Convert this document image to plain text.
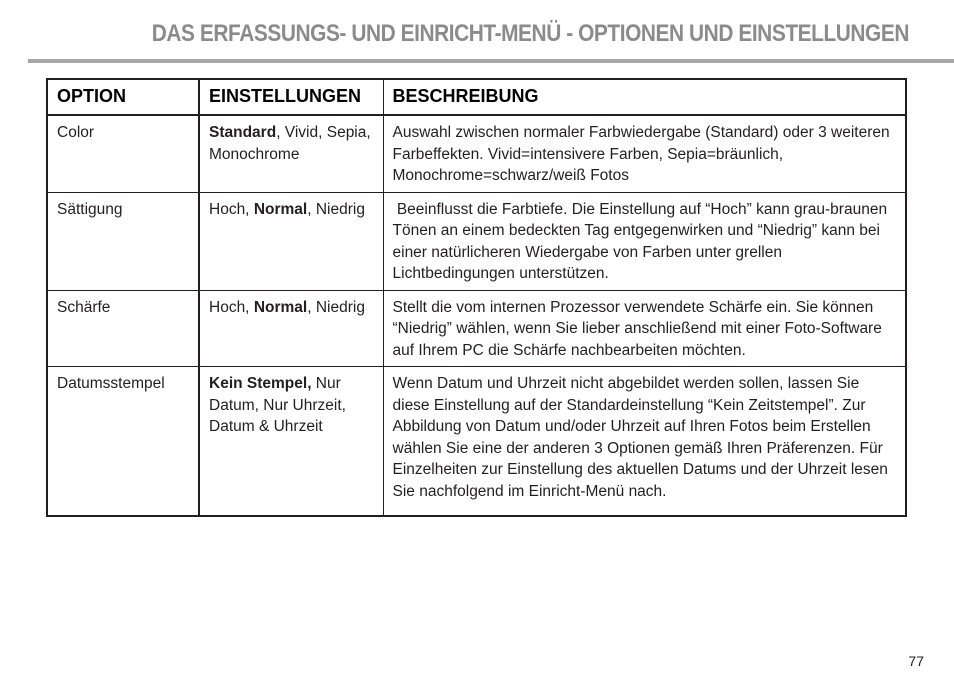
DAS ERFASSUNGS- UND EINRICHT-MENÜ - OPTIONEN UND EINSTELLUNGEN
OPTION	EINSTELLUNGEN	BESCHREIBUNG
Color	Standard, Vivid, Sepia, Monochrome	Auswahl zwischen normaler Farbwiedergabe (Standard) oder 3 weiteren Farbeffekten. Vivid=intensivere Farben, Sepia=bräunlich, Monochrome=schwarz/weiß Fotos
Sättigung	Hoch, Normal, Niedrig	Beeinflusst die Farbtiefe. Die Einstellung auf “Hoch” kann grau-braunen Tönen an einem bedeckten Tag entgegenwirken und “Niedrig” kann bei einer natürlicheren Wiedergabe von Farben unter grellen Lichtbedingungen unterstützen.
Schärfe	Hoch, Normal, Niedrig	Stellt die vom internen Prozessor verwendete Schärfe ein. Sie können “Niedrig” wählen, wenn Sie lieber anschließend mit einer Foto-Software auf Ihrem PC die Schärfe nachbearbeiten möchten.
Datumsstempel	Kein Stempel, Nur Datum, Nur Uhrzeit, Datum & Uhrzeit	Wenn Datum und Uhrzeit nicht abgebildet werden sollen, lassen Sie diese Einstellung auf der Standardeinstellung “Kein Zeitstempel”. Zur Abbildung von Datum und/oder Uhrzeit auf Ihren Fotos beim Erstellen wählen Sie eine der anderen 3 Optionen gemäß Ihren Präferenzen. Für Einzelheiten zur Einstellung des aktuellen Datums und der Uhrzeit lesen Sie nachfolgend im Einricht-Menü nach.
77
